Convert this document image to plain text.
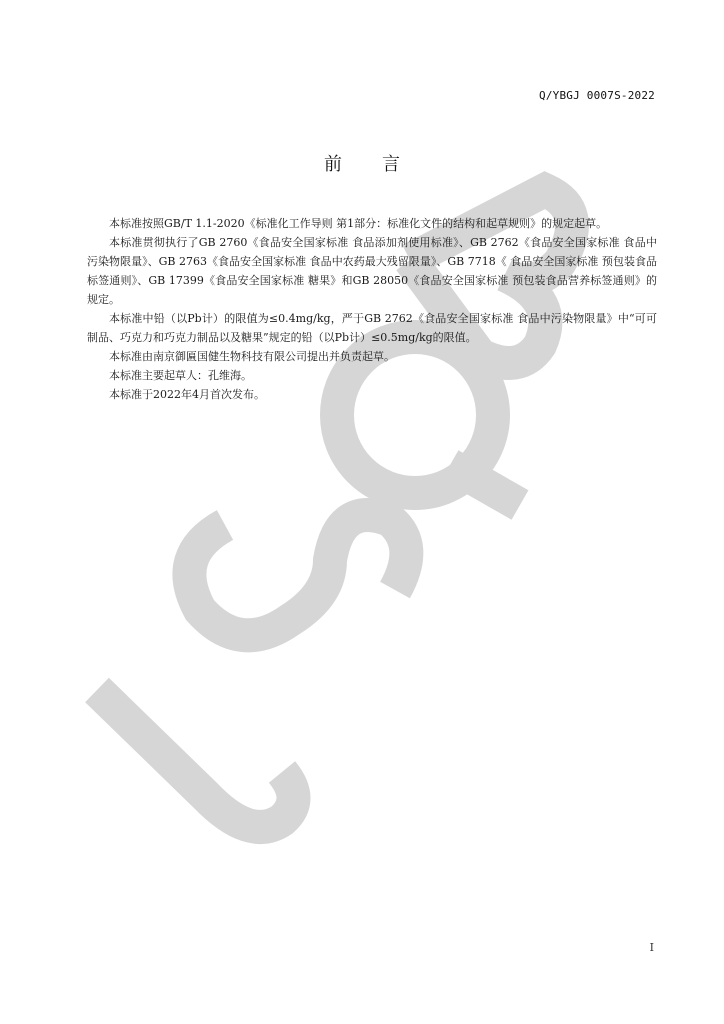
Q/YBGJ 0007S-2022
前 言

本标准按照GB/T 1.1-2020《标准化工作导则 第1部分：标准化文件的结构和起草规则》的规定起草。

本标准贯彻执行了GB 2760《食品安全国家标准 食品添加剂使用标准》、GB 2762《食品安全国家标准 食品中污染物限量》、GB 2763《食品安全国家标准 食品中农药最大残留限量》、GB 7718《 食品安全国家标准 预包装食品标签通则》、GB 17399《食品安全国家标准 糖果》和GB 28050《食品安全国家标准 预包装食品营养标签通则》的规定。

本标准中铅（以Pb计）的限值为≤0.4mg/kg，严于GB 2762《食品安全国家标准 食品中污染物限量》中“可可制品、巧克力和巧克力制品以及糖果”规定的铅（以Pb计）≤0.5mg/kg的限值。

本标准由南京御匾国健生物科技有限公司提出并负责起草。

本标准主要起草人：孔维海。

本标准于2022年4月首次发布。

I
